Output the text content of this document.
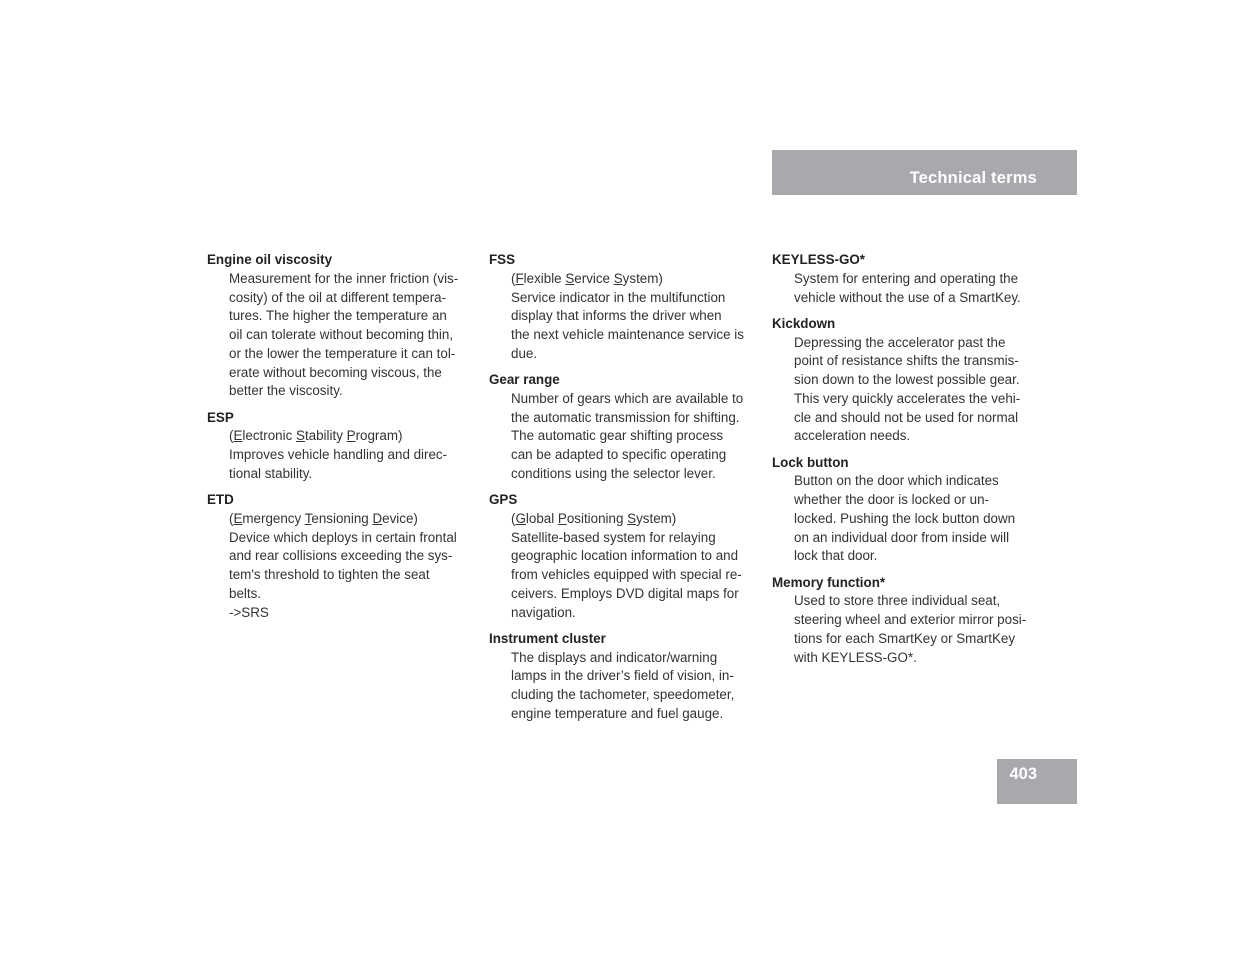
Technical terms
Engine oil viscosity
Measurement for the inner friction (vis-
cosity) of the oil at different tempera-
tures. The higher the temperature an
oil can tolerate without becoming thin,
or the lower the temperature it can tol-
erate without becoming viscous, the
better the viscosity.
ESP
(Electronic Stability Program)
Improves vehicle handling and direc-
tional stability.
ETD
(Emergency Tensioning Device)
Device which deploys in certain frontal
and rear collisions exceeding the sys-
tem's threshold to tighten the seat
belts.
->SRS
FSS
(Flexible Service System)
Service indicator in the multifunction
display that informs the driver when
the next vehicle maintenance service is
due.
Gear range
Number of gears which are available to
the automatic transmission for shifting.
The automatic gear shifting process
can be adapted to specific operating
conditions using the selector lever.
GPS
(Global Positioning System)
Satellite-based system for relaying
geographic location information to and
from vehicles equipped with special re-
ceivers. Employs DVD digital maps for
navigation.
Instrument cluster
The displays and indicator/warning
lamps in the driver’s field of vision, in-
cluding the tachometer, speedometer,
engine temperature and fuel gauge.
KEYLESS-GO*
System for entering and operating the
vehicle without the use of a SmartKey.
Kickdown
Depressing the accelerator past the
point of resistance shifts the transmis-
sion down to the lowest possible gear.
This very quickly accelerates the vehi-
cle and should not be used for normal
acceleration needs.
Lock button
Button on the door which indicates
whether the door is locked or un-
locked. Pushing the lock button down
on an individual door from inside will
lock that door.
Memory function*
Used to store three individual seat,
steering wheel and exterior mirror posi-
tions for each SmartKey or SmartKey
with KEYLESS-GO*.
403
